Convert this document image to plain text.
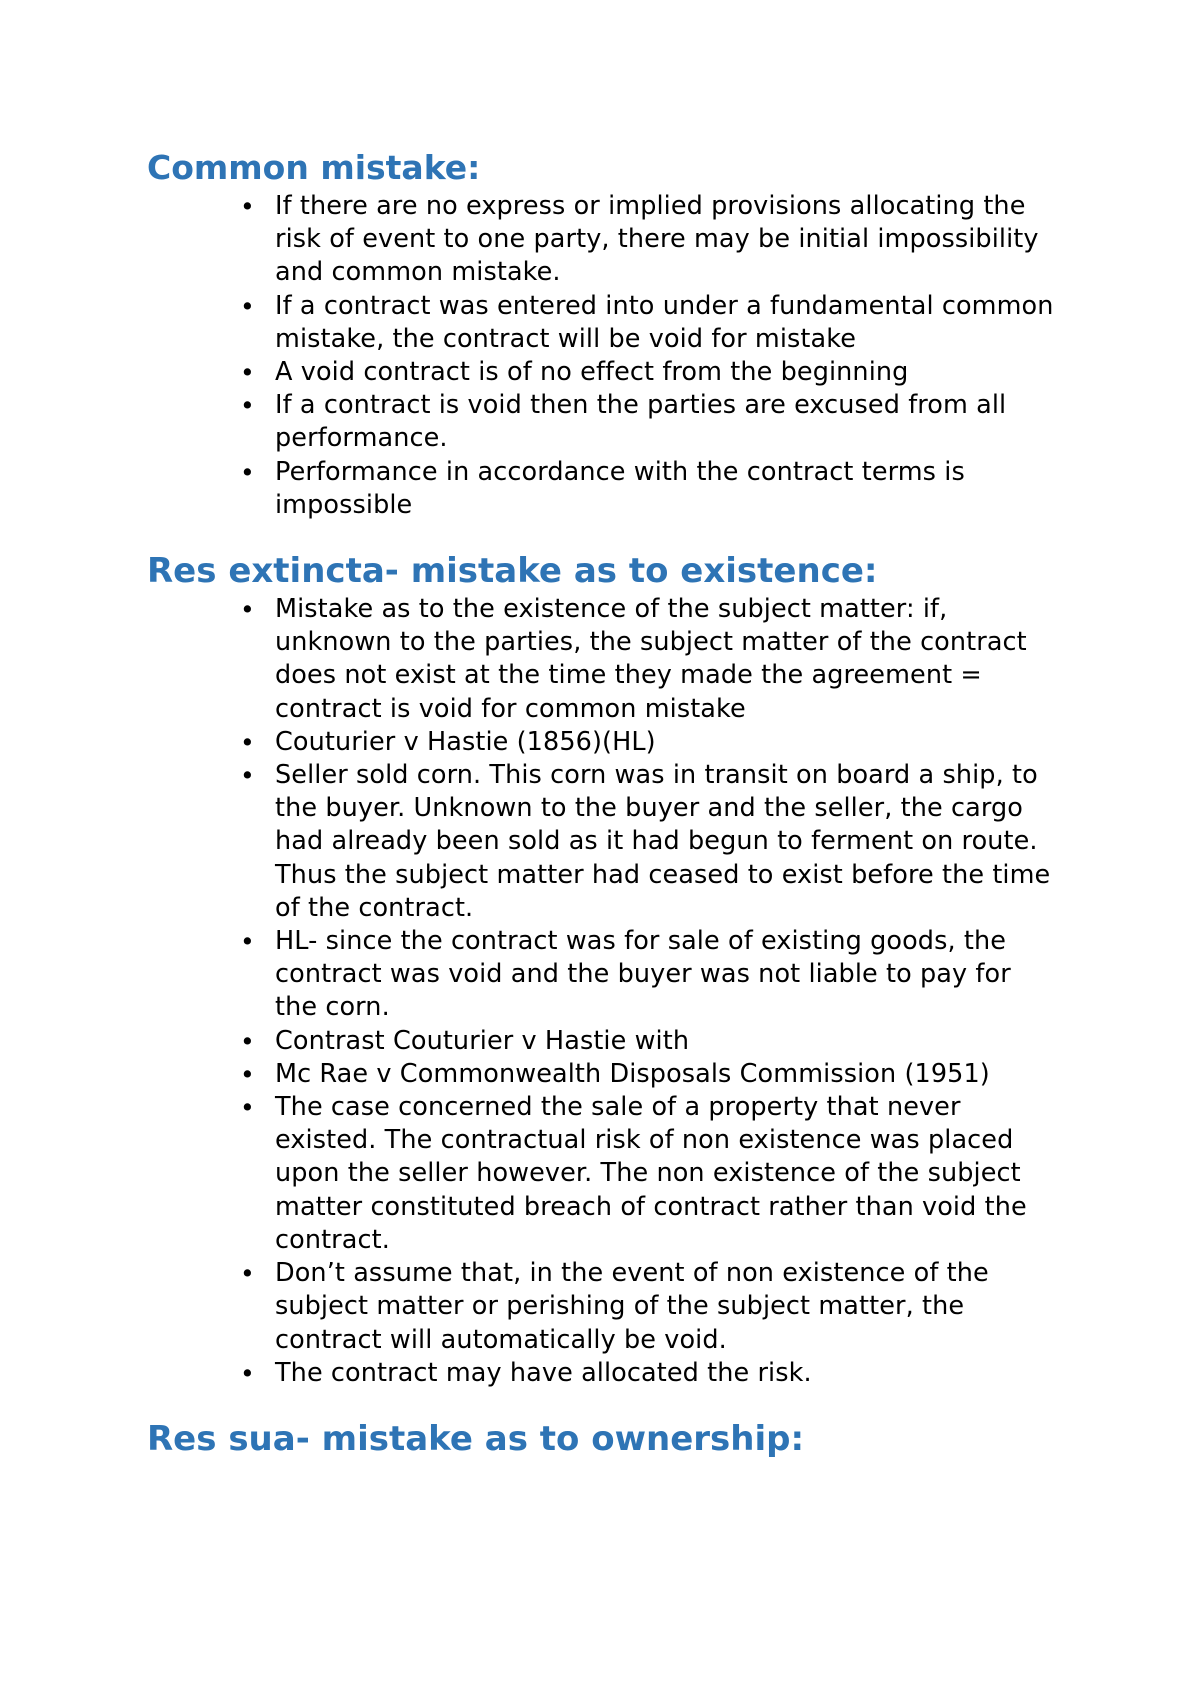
Common mistake:
• If there are no express or implied provisions allocating the risk of event to one party, there may be initial impossibility and common mistake.
• If a contract was entered into under a fundamental common mistake, the contract will be void for mistake
• A void contract is of no effect from the beginning
• If a contract is void then the parties are excused from all performance.
• Performance in accordance with the contract terms is impossible
Res extincta- mistake as to existence:
• Mistake as to the existence of the subject matter: if, unknown to the parties, the subject matter of the contract does not exist at the time they made the agreement = contract is void for common mistake
• Couturier v Hastie (1856)(HL)
• Seller sold corn. This corn was in transit on board a ship, to the buyer. Unknown to the buyer and the seller, the cargo had already been sold as it had begun to ferment on route. Thus the subject matter had ceased to exist before the time of the contract.
• HL- since the contract was for sale of existing goods, the contract was void and the buyer was not liable to pay for the corn.
• Contrast Couturier v Hastie with
• Mc Rae v Commonwealth Disposals Commission (1951)
• The case concerned the sale of a property that never existed. The contractual risk of non existence was placed upon the seller however. The non existence of the subject matter constituted breach of contract rather than void the contract.
• Don’t assume that, in the event of non existence of the subject matter or perishing of the subject matter, the contract will automatically be void.
• The contract may have allocated the risk.
Res sua- mistake as to ownership:
